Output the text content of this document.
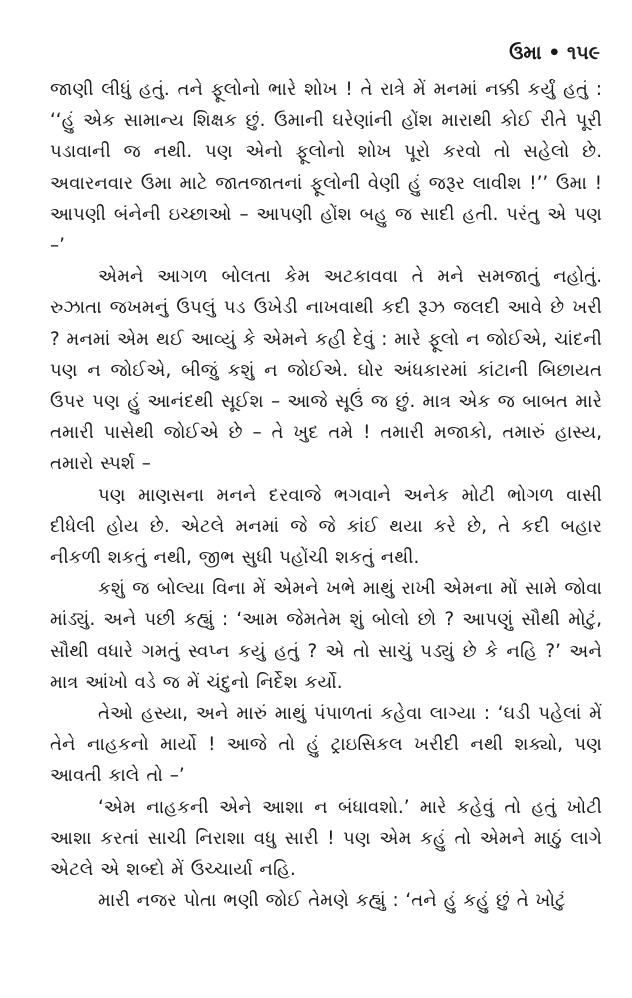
ઉમા • ૧૫૯

જાણી લીધું હતું. તને ફૂલોનો ભારે શોખ ! તે રાત્રે મેં મનમાં નક્કી કર્યું હતું : ‘‘હું એક સામાન્ય શિક્ષક છું. ઉમાની ઘરેણાંની હોંશ મારાથી કોઈ રીતે પૂરી પડાવાની જ નથી. પણ એનો ફૂલોનો શોખ પૂરો કરવો તો સહેલો છે. અવારનવાર ઉમા માટે જાતજાતનાં ફૂલોની વેણી હું જરૂર લાવીશ !’’ ઉમા ! આપણી બંનેની ઇચ્છાઓ – આપણી હોંશ બહુ જ સાદી હતી. પરંતુ એ પણ –’

એમને આગળ બોલતા કેમ અટકાવવા તે મને સમજાતું નહોતું. રુઝાતા જખમનું ઉપલું પડ ઉખેડી નાખવાથી કદી રૂઝ જલદી આવે છે ખરી ? મનમાં એમ થઈ આવ્યું કે એમને કહી દેવું : મારે ફૂલો ન જોઈએ, ચાંદની પણ ન જોઈએ, બીજું કશું ન જોઈએ. ઘોર અંધકારમાં કાંટાની બિછાયત ઉપર પણ હું આનંદથી સૂઈશ – આજે સૂઉં જ છું. માત્ર એક જ બાબત મારે તમારી પાસેથી જોઈએ છે – તે ખુદ તમે ! તમારી મજાકો, તમારું હાસ્ય, તમારો સ્પર્શ –

પણ માણસના મનને દરવાજે ભગવાને અનેક મોટી ભોગળ વાસી દીધેલી હોય છે. એટલે મનમાં જે જે કાંઈ થયા કરે છે, તે કદી બહાર નીકળી શકતું નથી, જીભ સુધી પહોંચી શકતું નથી.

કશું જ બોલ્યા વિના મેં એમને ખભે માથું રાખી એમના મોં સામે જોવા માંડ્યું. અને પછી કહ્યું : ‘આમ જેમતેમ શું બોલો છો ? આપણું સૌથી મોટું, સૌથી વધારે ગમતું સ્વપ્ન કયું હતું ? એ તો સાચું પડ્યું છે કે નહિ ?’ અને માત્ર આંખો વડે જ મેં ચંદુનો નિર્દેશ કર્યો.

તેઓ હસ્યા, અને મારું માથું પંપાળતાં કહેવા લાગ્યા : ‘ઘડી પહેલાં મેં તેને નાહકનો માર્યો ! આજે તો હું ટ્રાઇસિકલ ખરીદી નથી શક્યો, પણ આવતી કાલે તો –’

‘એમ નાહકની એને આશા ન બંધાવશો.’ મારે કહેવું તો હતું ખોટી આશા કરતાં સાચી નિરાશા વધુ સારી ! પણ એમ કહું તો એમને માઠું લાગે એટલે એ શબ્દો મેં ઉચ્ચાર્યા નહિ.

મારી નજર પોતા ભણી જોઈ તેમણે કહ્યું : ‘તને હું કહું છું તે ખોટું
